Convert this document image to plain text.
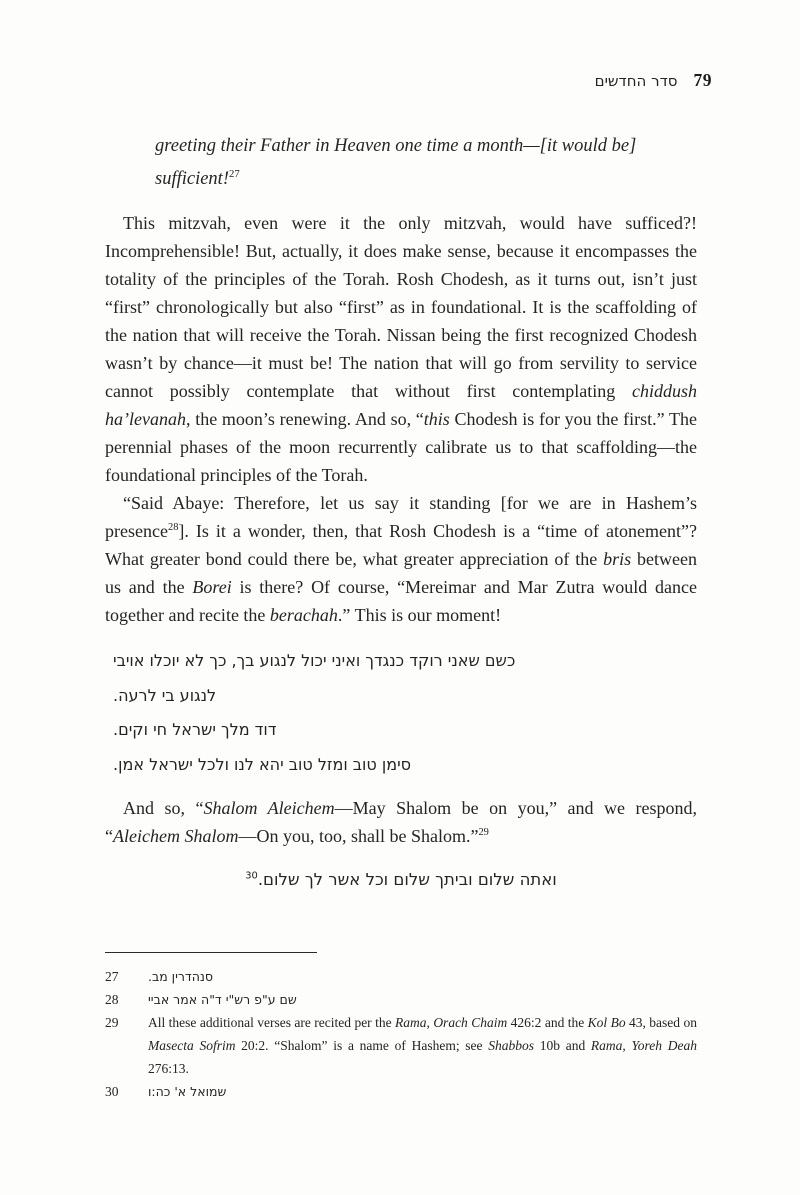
סדר החדשים 79
greeting their Father in Heaven one time a month—[it would be] sufficient!$^{27}$

This mitzvah, even were it the only mitzvah, would have sufficed?! Incomprehensible! But, actually, it does make sense, because it encompasses the totality of the principles of the Torah. Rosh Chodesh, as it turns out, isn’t just “first” chronologically but also “first” as in foundational. It is the scaffolding of the nation that will receive the Torah. Nissan being the first recognized Chodesh wasn’t by chance—it must be! The nation that will go from servility to service cannot possibly contemplate that without first contemplating chiddush ha’levanah, the moon’s renewing. And so, “this Chodesh is for you the first.” The perennial phases of the moon recurrently calibrate us to that scaffolding—the foundational principles of the Torah.

“Said Abaye: Therefore, let us say it standing [for we are in Hashem’s presence$^{28}$]. Is it a wonder, then, that Rosh Chodesh is a “time of atonement”? What greater bond could there be, what greater appreciation of the bris between us and the Borei is there? Of course, “Mereimar and Mar Zutra would dance together and recite the berachah.” This is our moment!

כשם שאני רוקד כנגדך ואיני יכול לנגוע בך, כך לא יוכלו אויבי
לנגוע בי לרעה.
דוד מלך ישראל חי וקים.
סימן טוב ומזל טוב יהא לנו ולכל ישראל אמן.

And so, “Shalom Aleichem—May Shalom be on you,” and we respond, “Aleichem Shalom—On you, too, shall be Shalom.”$^{29}$

ואתה שלום וביתך שלום וכל אשר לך שלום.$^{30}$
27	סנהדרין מב.
28	שם ע"פ רש"י ד"ה אמר אביי
29	All these additional verses are recited per the Rama, Orach Chaim 426:2 and the Kol Bo 43, based on Masecta Sofrim 20:2. “Shalom” is a name of Hashem; see Shabbos 10b and Rama, Yoreh Deah 276:13.
30	שמואל א' כה:ו
